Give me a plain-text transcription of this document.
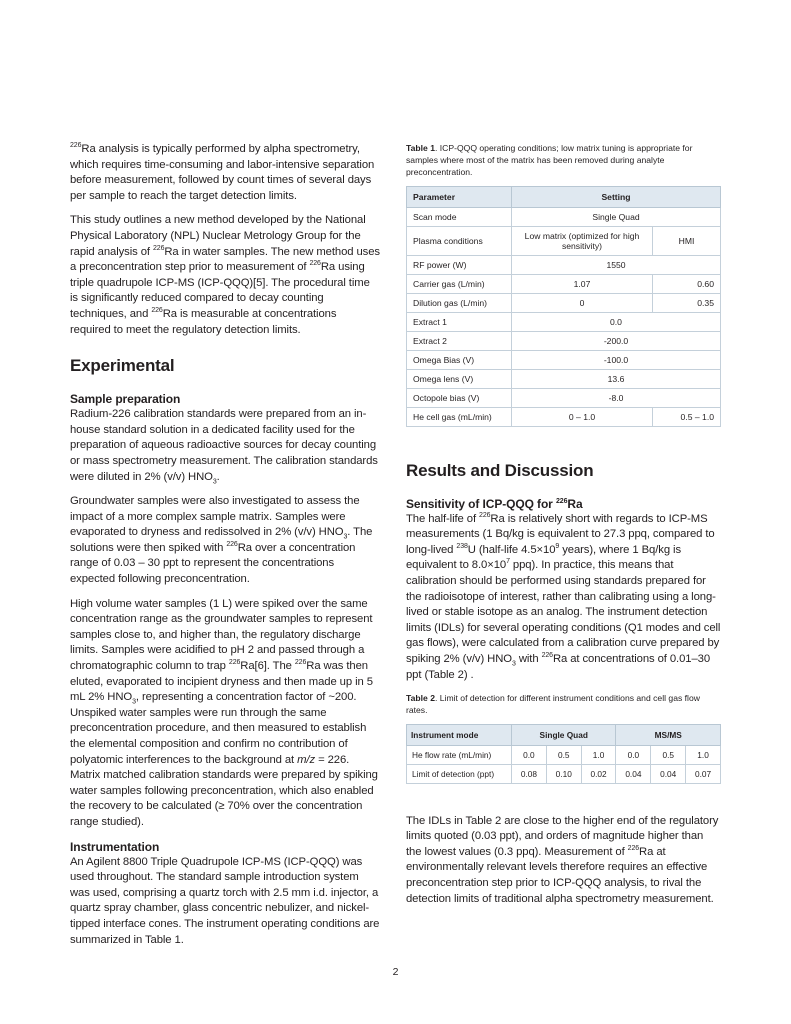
$^{226}$Ra analysis is typically performed by alpha spectrometry, which requires time-consuming and labor-intensive separation before measurement, followed by count times of several days per sample to reach the target detection limits.

This study outlines a new method developed by the National Physical Laboratory (NPL) Nuclear Metrology Group for the rapid analysis of $^{226}$Ra in water samples. The new method uses a preconcentration step prior to measurement of $^{226}$Ra using triple quadrupole ICP-MS (ICP-QQQ)[5]. The procedural time is significantly reduced compared to decay counting techniques, and $^{226}$Ra is measurable at concentrations required to meet the regulatory detection limits.

Experimental
Sample preparation

Radium-226 calibration standards were prepared from an in-house standard solution in a dedicated facility used for the preparation of aqueous radioactive sources for decay counting or mass spectrometry measurement. The calibration standards were diluted in 2% (v/v) $HNO_3$.

Groundwater samples were also investigated to assess the impact of a more complex sample matrix. Samples were evaporated to dryness and redissolved in 2% (v/v) $HNO_3$. The solutions were then spiked with $^{226}$Ra over a concentration range of 0.03 – 30 ppt to represent the concentrations expected following preconcentration.

High volume water samples (1 L) were spiked over the same concentration range as the groundwater samples to represent samples close to, and higher than, the regulatory discharge limits. Samples were acidified to pH 2 and passed through a chromatographic column to trap $^{226}$Ra[6]. The $^{226}$Ra was then eluted, evaporated to incipient dryness and then made up in 5 mL 2% $HNO_3$, representing a concentration factor of ~200. Unspiked water samples were run through the same preconcentration procedure, and then measured to establish the elemental composition and confirm no contribution of polyatomic interferences to the background at m/z = 226. Matrix matched calibration standards were prepared by spiking water samples following preconcentration, which also enabled the recovery to be calculated (≥ 70% over the concentration range studied).

Instrumentation

An Agilent 8800 Triple Quadrupole ICP-MS (ICP-QQQ) was used throughout. The standard sample introduction system was used, comprising a quartz torch with 2.5 mm i.d. injector, a quartz spray chamber, glass concentric nebulizer, and nickel-tipped interface cones. The instrument operating conditions are summarized in Table 1.

Table 1. ICP-QQQ operating conditions; low matrix tuning is appropriate for samples where most of the matrix has been removed during analyte preconcentration.

Parameter	Setting	
Scan mode	Single Quad	
Plasma conditions	Low matrix (optimized for high sensitivity)	HMI
RF power (W)	1550	
Carrier gas (L/min)	1.07	0.60
Dilution gas (L/min)	0	0.35
Extract 1	0.0	
Extract 2	-200.0	
Omega Bias (V)	-100.0	
Omega lens (V)	13.6	
Octopole bias (V)	-8.0	
He cell gas (mL/min)	0 – 1.0	0.5 – 1.0
Results and Discussion
Sensitivity of ICP-QQQ for $^{226}$Ra

The half-life of $^{226}$Ra is relatively short with regards to ICP-MS measurements (1 Bq/kg is equivalent to 27.3 ppq, compared to long-lived $^{238}$U (half-life $4.5\times 10^9$ years), where 1 Bq/kg is equivalent to $8.0\times 10^7$ ppq). In practice, this means that calibration should be performed using standards prepared for the radioisotope of interest, rather than calibrating using a long-lived or stable isotope as an analog. The instrument detection limits (IDLs) for several operating conditions (Q1 modes and cell gas flows), were calculated from a calibration curve prepared by spiking 2% (v/v) $HNO_3$ with $^{226}$Ra at concentrations of 0.01–30 ppt (Table 2) .

Table 2. Limit of detection for different instrument conditions and cell gas flow rates.

Instrument mode	Single Quad			MS/MS		
He flow rate (mL/min)	0.0	0.5	1.0	0.0	0.5	1.0
Limit of detection (ppt)	0.08	0.10	0.02	0.04	0.04	0.07

The IDLs in Table 2 are close to the higher end of the regulatory limits quoted (0.03 ppt), and orders of magnitude higher than the lowest values (0.3 ppq). Measurement of $^{226}$Ra at environmentally relevant levels therefore requires an effective preconcentration step prior to ICP-QQQ analysis, to rival the detection limits of traditional alpha spectrometry measurement.

2
